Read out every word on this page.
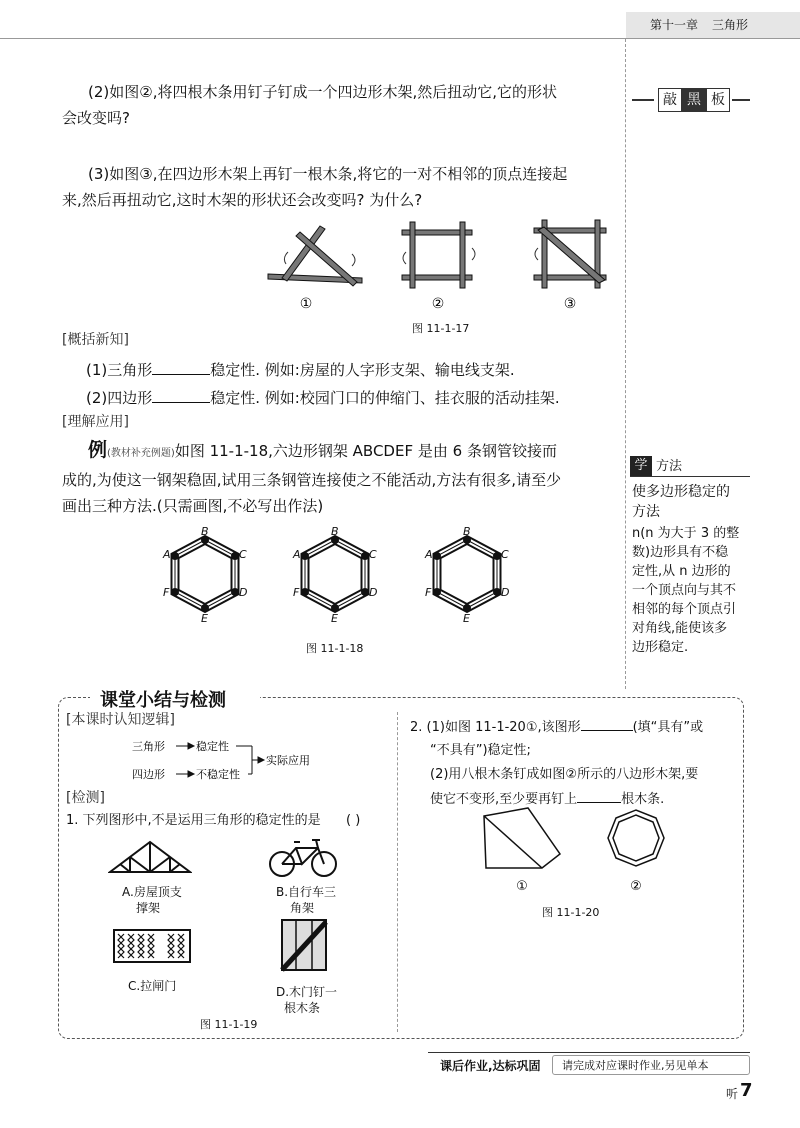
第十一章 三角形
敲 黑 板
(2)如图②,将四根木条用钉子钉成一个四边形木架,然后扭动它,它的形状
会改变吗?
(3)如图③,在四边形木架上再钉一根木条,将它的一对不相邻的顶点连接起
来,然后再扭动它,这时木架的形状还会改变吗? 为什么?
①	②	③
图 11-1-17
[概括新知]
(1)三角形	稳定性. 例如:房屋的人字形支架、输电线支架.
(2)四边形	稳定性. 例如:校园门口的伸缩门、挂衣服的活动挂架.
[理解应用]
例(教材补充例题)如图 11-1-18,六边形钢架 ABCDEF 是由 6 条钢管铰接而
成的,为使这一钢架稳固,试用三条钢管连接使之不能活动,方法有很多,请至少
画出三种方法.(只需画图,不必写出作法)
A
B
C
D
E
F
A
B
C
D
E
F
A
B
C
D
E
F
图 11-1-18
学 方法
使多边形稳定的
方法
n(n 为大于 3 的整
数)边形具有不稳
定性,从 n 边形的
一个顶点向与其不
相邻的每个顶点引
对角线,能使该多
边形稳定.
课堂小结与检测
[本课时认知逻辑]
三角形	稳定性
四边形	不稳定性
实际应用
[检测]
1. 下列图形中,不是运用三角形的稳定性的是 ( )
A.房屋顶支
撑架
B.自行车三
角架
C.拉闸门	D.木门钉一
根木条
图 11-1-19
2. (1)如图 11-1-20①,该图形	(填“具有”或
“不具有”)稳定性;
(2)用八根木条钉成如图②所示的八边形木架,要
使它不变形,至少要再钉上	根木条.
①	②
图 11-1-20
课后作业,达标巩固 请完成对应课时作业,另见单本
听 7
